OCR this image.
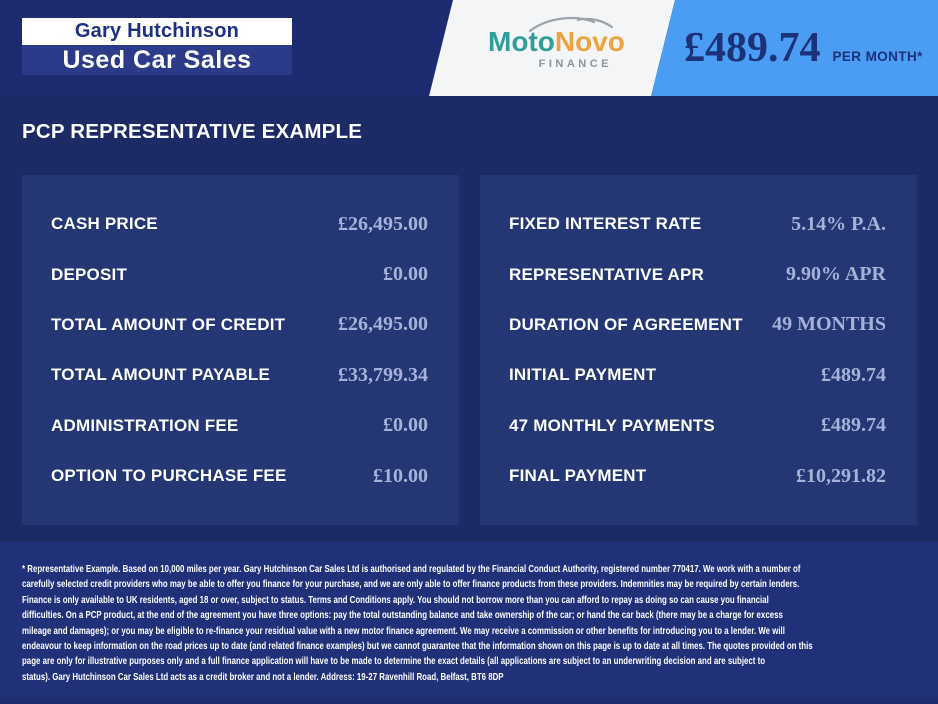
Gary Hutchinson
Used Car Sales
MotoNovo
FINANCE £489.74 PER MONTH*
PCP REPRESENTATIVE EXAMPLE
CASH PRICE	£26,495.00
DEPOSIT	£0.00
TOTAL AMOUNT OF CREDIT	£26,495.00
TOTAL AMOUNT PAYABLE	£33,799.34
ADMINISTRATION FEE	£0.00
OPTION TO PURCHASE FEE	£10.00
FIXED INTEREST RATE	5.14% P.A.
REPRESENTATIVE APR	9.90% APR
DURATION OF AGREEMENT 49 MONTHS
INITIAL PAYMENT	£489.74
47 MONTHLY PAYMENTS	£489.74
FINAL PAYMENT	£10,291.82
* Representative Example. Based on 10,000 miles per year. Gary Hutchinson Car Sales Ltd is authorised and regulated by the Financial Conduct Authority, registered number 770417. We work with a number of
carefully selected credit providers who may be able to offer you finance for your purchase, and we are only able to offer finance products from these providers. Indemnities may be required by certain lenders.
Finance is only available to UK residents, aged 18 or over, subject to status. Terms and Conditions apply. You should not borrow more than you can afford to repay as doing so can cause you financial
difficulties. On a PCP product, at the end of the agreement you have three options: pay the total outstanding balance and take ownership of the car; or hand the car back (there may be a charge for excess
mileage and damages); or you may be eligible to re-finance your residual value with a new motor finance agreement. We may receive a commission or other benefits for introducing you to a lender. We will
endeavour to keep information on the road prices up to date (and related finance examples) but we cannot guarantee that the information shown on this page is up to date at all times. The quotes provided on this
page are only for illustrative purposes only and a full finance application will have to be made to determine the exact details (all applications are subject to an underwriting decision and are subject to
status). Gary Hutchinson Car Sales Ltd acts as a credit broker and not a lender. Address: 19-27 Ravenhill Road, Belfast, BT6 8DP
